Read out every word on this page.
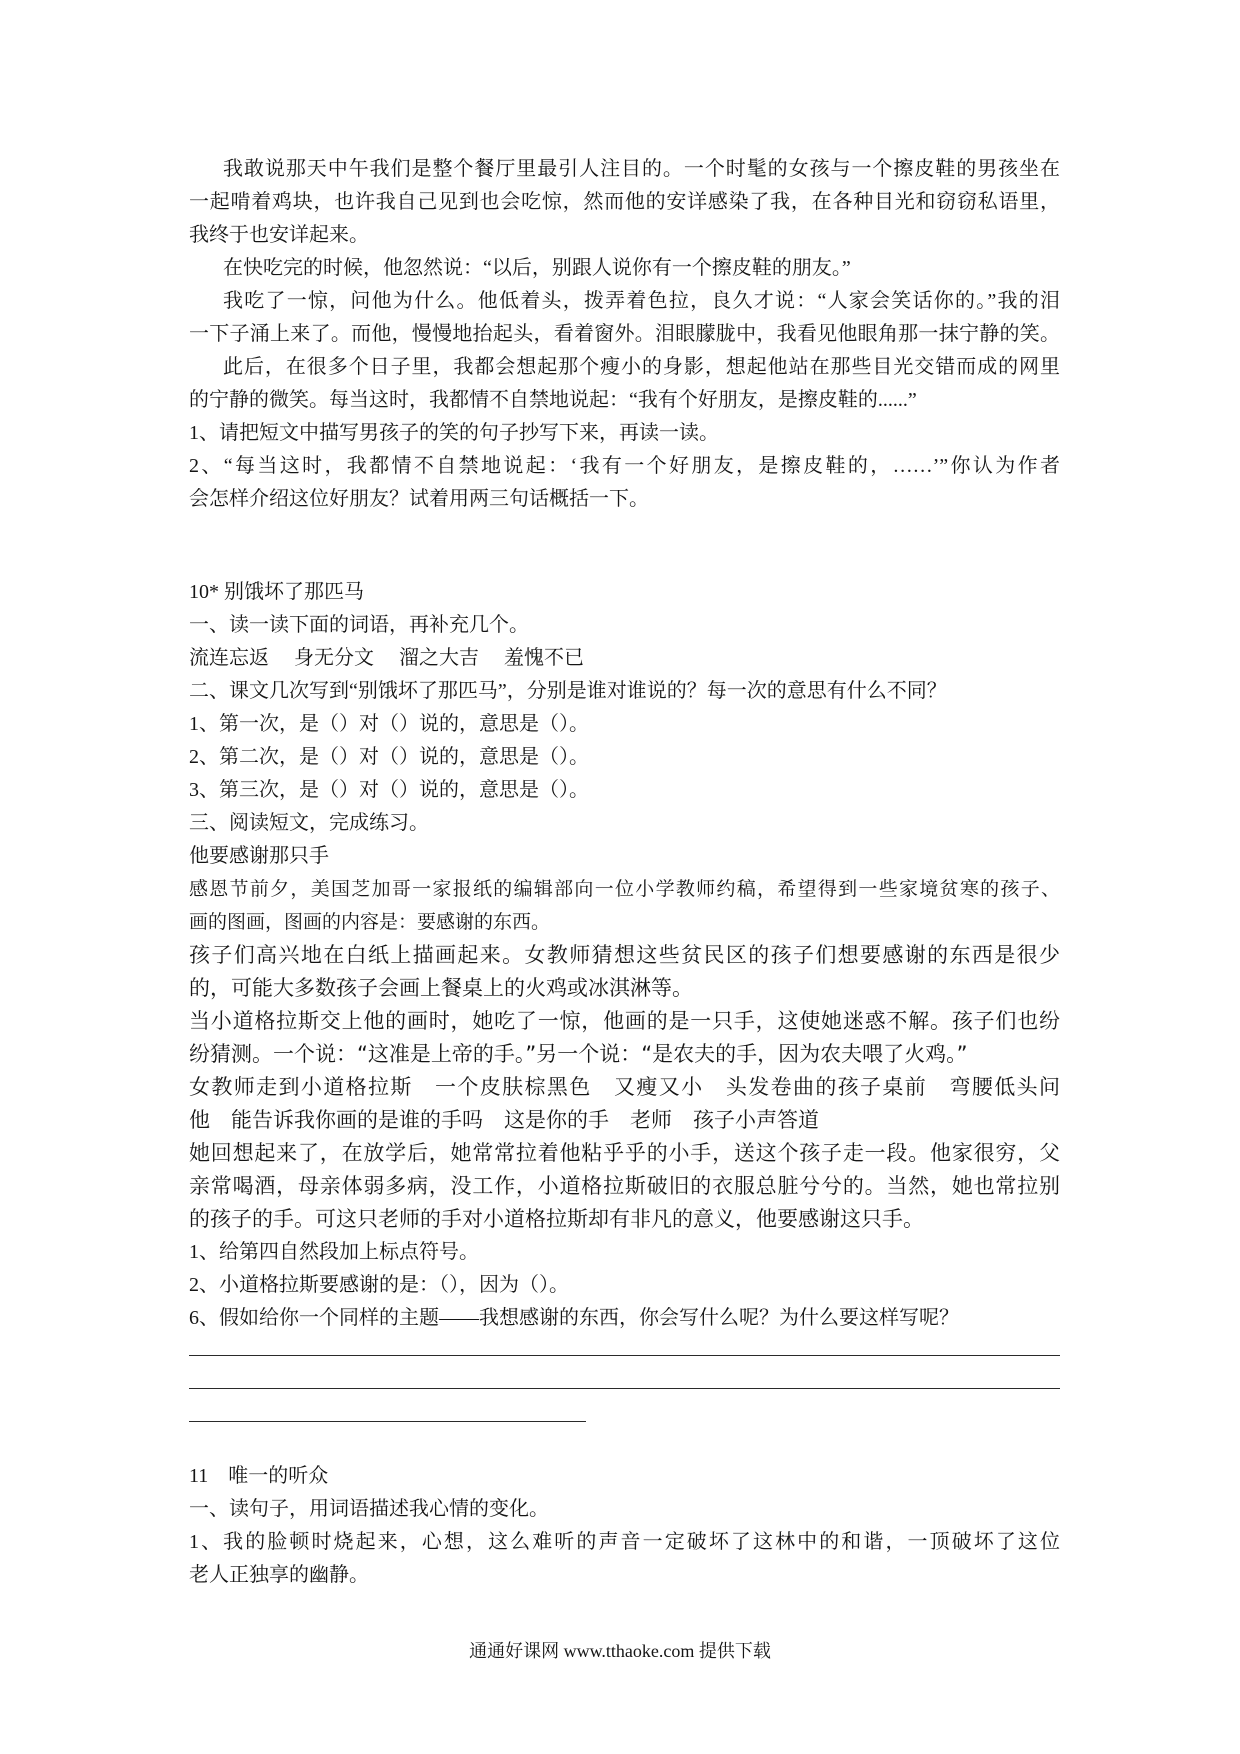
我敢说那天中午我们是整个餐厅里最引人注目的。一个时髦的女孩与一个擦皮鞋的男孩坐在
一起啃着鸡块，也许我自己见到也会吃惊，然而他的安详感染了我，在各种目光和窃窃私语里，
我终于也安详起来。
在快吃完的时候，他忽然说：“以后，别跟人说你有一个擦皮鞋的朋友。”
我吃了一惊，问他为什么。他低着头，拨弄着色拉，良久才说：“人家会笑话你的。”我的泪
一下子涌上来了。而他，慢慢地抬起头，看着窗外。泪眼朦胧中，我看见他眼角那一抹宁静的笑。
此后，在很多个日子里，我都会想起那个瘦小的身影，想起他站在那些目光交错而成的网里
的宁静的微笑。每当这时，我都情不自禁地说起：“我有个好朋友，是擦皮鞋的......”
1、请把短文中描写男孩子的笑的句子抄写下来，再读一读。
2、“每当这时，我都情不自禁地说起：‘我有一个好朋友，是擦皮鞋的，……’”你认为作者
会怎样介绍这位好朋友？试着用两三句话概括一下。
10* 别饿坏了那匹马
一、读一读下面的词语，再补充几个。
流连忘返 身无分文 溜之大吉 羞愧不已
二、课文几次写到“别饿坏了那匹马”，分别是谁对谁说的？每一次的意思有什么不同？
1、第一次，是（）对（）说的，意思是（）。
2、第二次，是（）对（）说的，意思是（）。
3、第三次，是（）对（）说的，意思是（）。
三、阅读短文，完成练习。
他要感谢那只手
感恩节前夕，美国芝加哥一家报纸的编辑部向一位小学教师约稿，希望得到一些家境贫寒的孩子、
画的图画，图画的内容是：要感谢的东西。
孩子们高兴地在白纸上描画起来。女教师猜想这些贫民区的孩子们想要感谢的东西是很少
的，可能大多数孩子会画上餐桌上的火鸡或冰淇淋等。
当小道格拉斯交上他的画时，她吃了一惊，他画的是一只手，这使她迷惑不解。孩子们也纷
纷猜测。一个说：“这准是上帝的手。”另一个说：“是农夫的手，因为农夫喂了火鸡。”
女教师走到小道格拉斯　一个皮肤棕黑色　又瘦又小　头发卷曲的孩子桌前　弯腰低头问
他　能告诉我你画的是谁的手吗　这是你的手　老师　孩子小声答道
她回想起来了，在放学后，她常常拉着他粘乎乎的小手，送这个孩子走一段。他家很穷，父
亲常喝酒，母亲体弱多病，没工作，小道格拉斯破旧的衣服总脏兮兮的。当然，她也常拉别
的孩子的手。可这只老师的手对小道格拉斯却有非凡的意义，他要感谢这只手。
1、给第四自然段加上标点符号。
2、小道格拉斯要感谢的是：（），因为（）。
6、假如给你一个同样的主题——我想感谢的东西，你会写什么呢？为什么要这样写呢？
11　唯一的听众
一、读句子，用词语描述我心情的变化。
1、我的脸顿时烧起来，心想，这么难听的声音一定破坏了这林中的和谐，一顶破坏了这位
老人正独享的幽静。
通通好课网 www.tthaoke.com 提供下载
